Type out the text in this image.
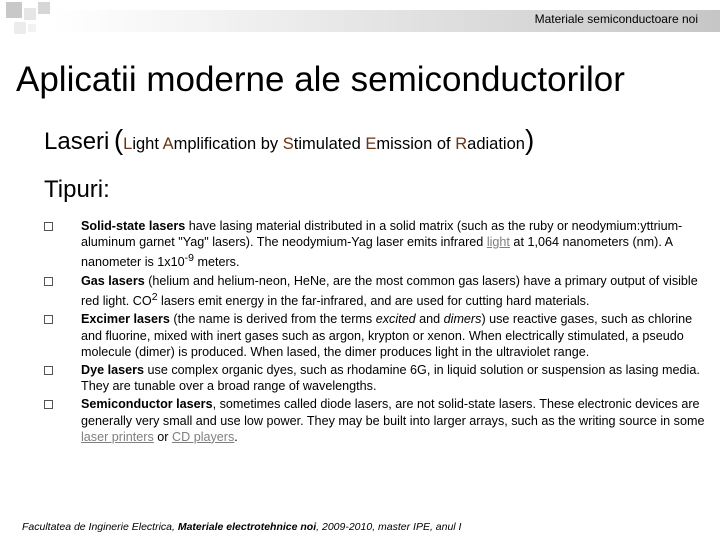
Materiale semiconductoare noi
Aplicatii moderne ale semiconductorilor
Laseri (Light Amplification by Stimulated Emission of Radiation)
Tipuri:
Solid-state lasers have lasing material distributed in a solid matrix (such as the ruby or neodymium:yttrium-aluminum garnet "Yag" lasers). The neodymium-Yag laser emits infrared light at 1,064 nanometers (nm). A nanometer is $1x10^{-9}$ meters.
Gas lasers (helium and helium-neon, HeNe, are the most common gas lasers) have a primary output of visible red light. $CO^2$ lasers emit energy in the far-infrared, and are used for cutting hard materials.
Excimer lasers (the name is derived from the terms excited and dimers) use reactive gases, such as chlorine and fluorine, mixed with inert gases such as argon, krypton or xenon. When electrically stimulated, a pseudo molecule (dimer) is produced. When lased, the dimer produces light in the ultraviolet range.
Dye lasers use complex organic dyes, such as rhodamine 6G, in liquid solution or suspension as lasing media. They are tunable over a broad range of wavelengths.
Semiconductor lasers, sometimes called diode lasers, are not solid-state lasers. These electronic devices are generally very small and use low power. They may be built into larger arrays, such as the writing source in some laser printers or CD players.
Facultatea de Inginerie Electrica, Materiale electrotehnice noi, 2009-2010, master IPE, anul I
